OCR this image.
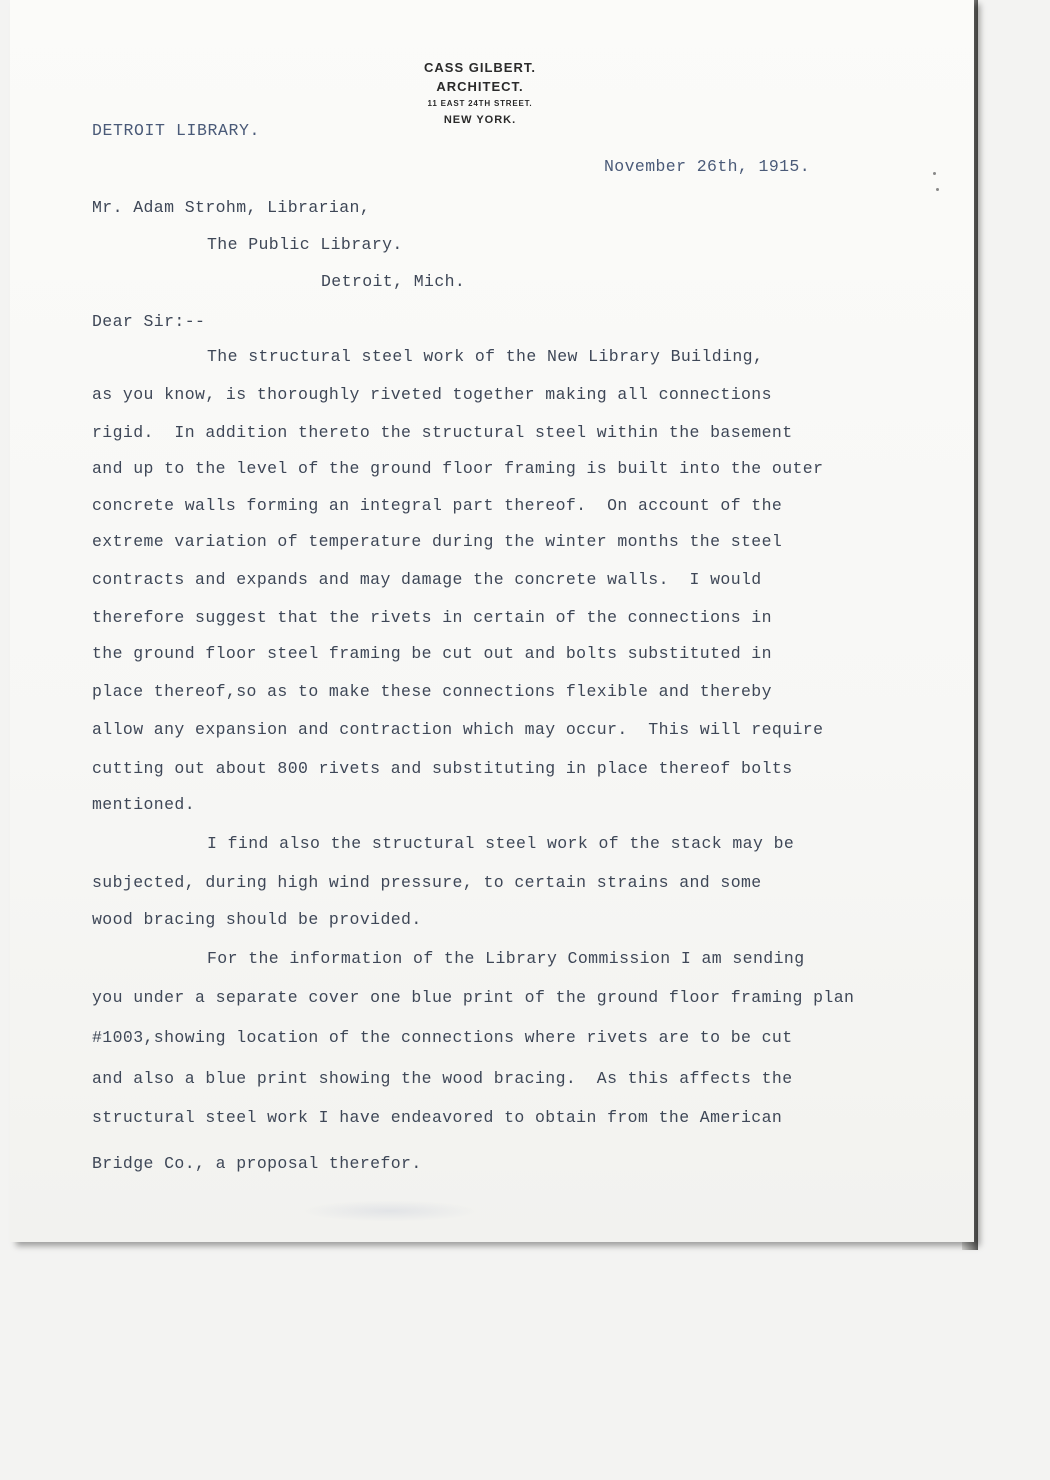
CASS GILBERT.
ARCHITECT.
11 EAST 24TH STREET.
NEW YORK.
DETROIT LIBRARY.
November 26th, 1915.
Mr. Adam Strohm, Librarian,
The Public Library.
Detroit, Mich.
Dear Sir:--
The structural steel work of the New Library Building,
as you know, is thoroughly riveted together making all connections
rigid.  In addition thereto the structural steel within the basement
and up to the level of the ground floor framing is built into the outer
concrete walls forming an integral part thereof.  On account of the
extreme variation of temperature during the winter months the steel
contracts and expands and may damage the concrete walls.  I would
therefore suggest that the rivets in certain of the connections in
the ground floor steel framing be cut out and bolts substituted in
place thereof,so as to make these connections flexible and thereby
allow any expansion and contraction which may occur.  This will require
cutting out about 800 rivets and substituting in place thereof bolts
mentioned.
I find also the structural steel work of the stack may be
subjected, during high wind pressure, to certain strains and some
wood bracing should be provided.
For the information of the Library Commission I am sending
you under a separate cover one blue print of the ground floor framing plan
#1003,showing location of the connections where rivets are to be cut
and also a blue print showing the wood bracing.  As this affects the
structural steel work I have endeavored to obtain from the American
Bridge Co., a proposal therefor.
